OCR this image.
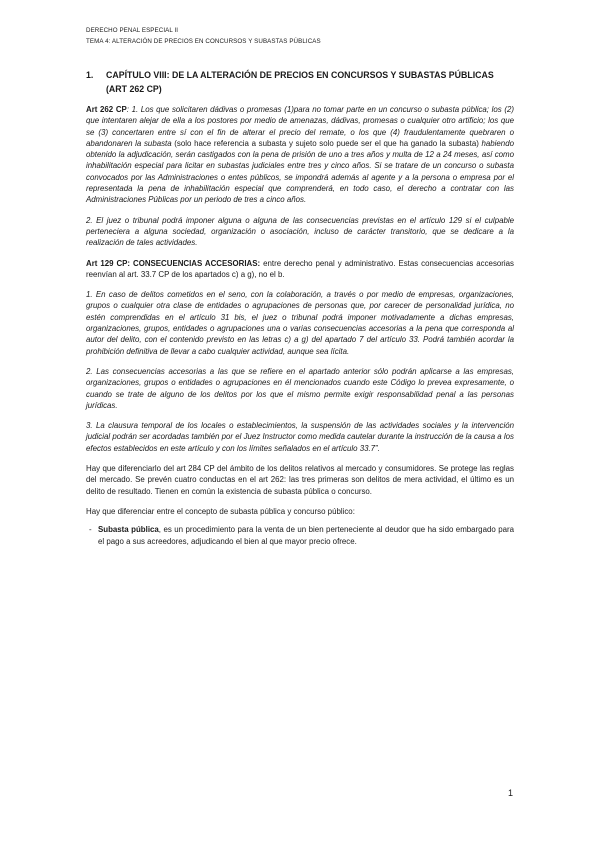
DERECHO PENAL ESPECIAL II
TEMA 4: ALTERACIÓN DE PRECIOS EN CONCURSOS Y SUBASTAS PÚBLICAS
1. CAPÍTULO VIII: DE LA ALTERACIÓN DE PRECIOS EN CONCURSOS Y SUBASTAS PÚBLICAS (ART 262 CP)
Art 262 CP: 1. Los que solicitaren dádivas o promesas (1)para no tomar parte en un concurso o subasta pública; los (2) que intentaren alejar de ella a los postores por medio de amenazas, dádivas, promesas o cualquier otro artificio; los que se (3) concertaren entre sí con el fin de alterar el precio del remate, o los que (4) fraudulentamente quebraren o abandonaren la subasta (solo hace referencia a subasta y sujeto solo puede ser el que ha ganado la subasta) habiendo obtenido la adjudicación, serán castigados con la pena de prisión de uno a tres años y multa de 12 a 24 meses, así como inhabilitación especial para licitar en subastas judiciales entre tres y cinco años. Si se tratare de un concurso o subasta convocados por las Administraciones o entes públicos, se impondrá además al agente y a la persona o empresa por el representada la pena de inhabilitación especial que comprenderá, en todo caso, el derecho a contratar con las Administraciones Públicas por un periodo de tres a cinco años.
2. El juez o tribunal podrá imponer alguna o alguna de las consecuencias previstas en el artículo 129 si el culpable perteneciera a alguna sociedad, organización o asociación, incluso de carácter transitorio, que se dedicare a la realización de tales actividades.
Art 129 CP: CONSECUENCIAS ACCESORIAS: entre derecho penal y administrativo. Estas consecuencias accesorias reenvían al art. 33.7 CP de los apartados c) a g), no el b.
1. En caso de delitos cometidos en el seno, con la colaboración, a través o por medio de empresas, organizaciones, grupos o cualquier otra clase de entidades o agrupaciones de personas que, por carecer de personalidad jurídica, no estén comprendidas en el artículo 31 bis, el juez o tribunal podrá imponer motivadamente a dichas empresas, organizaciones, grupos, entidades o agrupaciones una o varias consecuencias accesorias a la pena que corresponda al autor del delito, con el contenido previsto en las letras c) a g) del apartado 7 del artículo 33. Podrá también acordar la prohibición definitiva de llevar a cabo cualquier actividad, aunque sea lícita.
2. Las consecuencias accesorias a las que se refiere en el apartado anterior sólo podrán aplicarse a las empresas, organizaciones, grupos o entidades o agrupaciones en él mencionados cuando este Código lo prevea expresamente, o cuando se trate de alguno de los delitos por los que el mismo permite exigir responsabilidad penal a las personas jurídicas.
3. La clausura temporal de los locales o establecimientos, la suspensión de las actividades sociales y la intervención judicial podrán ser acordadas también por el Juez Instructor como medida cautelar durante la instrucción de la causa a los efectos establecidos en este artículo y con los límites señalados en el artículo 33.7”.
Hay que diferenciarlo del art 284 CP del ámbito de los delitos relativos al mercado y consumidores. Se protege las reglas del mercado. Se prevén cuatro conductas en el art 262: las tres primeras son delitos de mera actividad, el último es un delito de resultado. Tienen en común la existencia de subasta pública o concurso.
Hay que diferenciar entre el concepto de subasta pública y concurso público:
- Subasta pública, es un procedimiento para la venta de un bien perteneciente al deudor que ha sido embargado para el pago a sus acreedores, adjudicando el bien al que mayor precio ofrece.
1
